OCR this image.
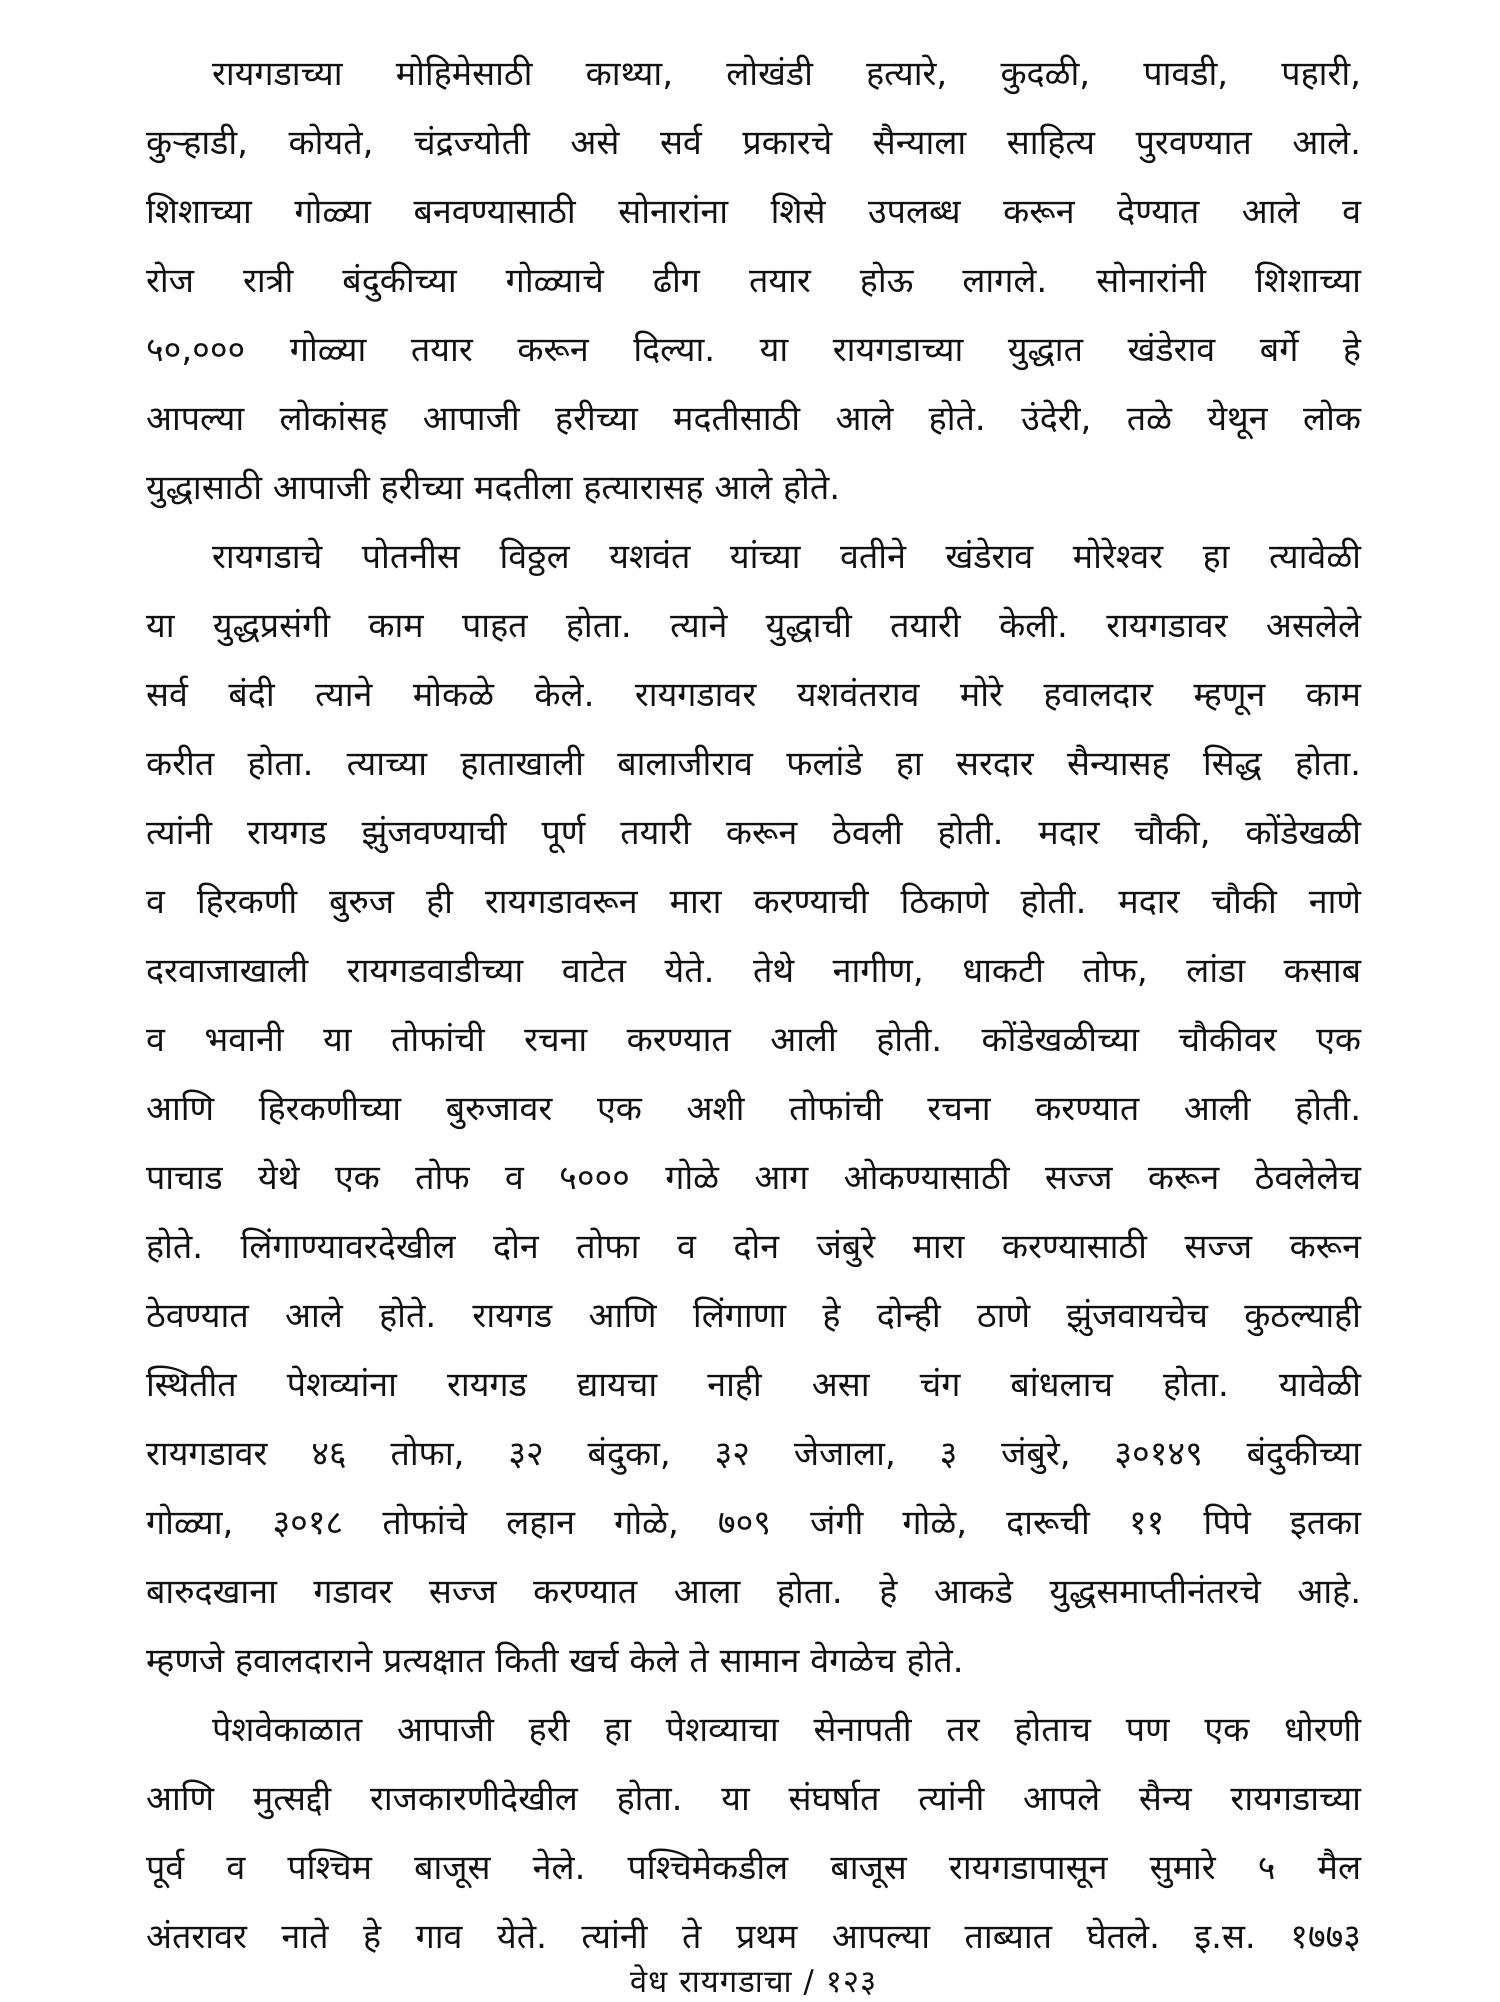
रायगडाच्या मोहिमेसाठी काथ्या, लोखंडी हत्यारे, कुदळी, पावडी, पहारी,
कुऱ्हाडी, कोयते, चंद्रज्योती असे सर्व प्रकारचे सैन्याला साहित्य पुरवण्यात आले.
शिशाच्या गोळ्या बनवण्यासाठी सोनारांना शिसे उपलब्ध करून देण्यात आले व
रोज रात्री बंदुकीच्या गोळ्याचे ढीग तयार होऊ लागले. सोनारांनी शिशाच्या
५०,००० गोळ्या तयार करून दिल्या. या रायगडाच्या युद्धात खंडेराव बर्गे हे
आपल्या लोकांसह आपाजी हरीच्या मदतीसाठी आले होते. उंदेरी, तळे येथून लोक
युद्धासाठी आपाजी हरीच्या मदतीला हत्यारासह आले होते.

रायगडाचे पोतनीस विठ्ठल यशवंत यांच्या वतीने खंडेराव मोरेश्वर हा त्यावेळी
या युद्धप्रसंगी काम पाहत होता. त्याने युद्धाची तयारी केली. रायगडावर असलेले
सर्व बंदी त्याने मोकळे केले. रायगडावर यशवंतराव मोरे हवालदार म्हणून काम
करीत होता. त्याच्या हाताखाली बालाजीराव फलांडे हा सरदार सैन्यासह सिद्ध होता.
त्यांनी रायगड झुंजवण्याची पूर्ण तयारी करून ठेवली होती. मदार चौकी, कोंडेखळी
व हिरकणी बुरुज ही रायगडावरून मारा करण्याची ठिकाणे होती. मदार चौकी नाणे
दरवाजाखाली रायगडवाडीच्या वाटेत येते. तेथे नागीण, धाकटी तोफ, लांडा कसाब
व भवानी या तोफांची रचना करण्यात आली होती. कोंडेखळीच्या चौकीवर एक
आणि हिरकणीच्या बुरुजावर एक अशी तोफांची रचना करण्यात आली होती.
पाचाड येथे एक तोफ व ५००० गोळे आग ओकण्यासाठी सज्ज करून ठेवलेलेच
होते. लिंगाण्यावरदेखील दोन तोफा व दोन जंबुरे मारा करण्यासाठी सज्ज करून
ठेवण्यात आले होते. रायगड आणि लिंगाणा हे दोन्ही ठाणे झुंजवायचेच कुठल्याही
स्थितीत पेशव्यांना रायगड द्यायचा नाही असा चंग बांधलाच होता. यावेळी
रायगडावर ४६ तोफा, ३२ बंदुका, ३२ जेजाला, ३ जंबुरे, ३०१४९ बंदुकीच्या
गोळ्या, ३०१८ तोफांचे लहान गोळे, ७०९ जंगी गोळे, दारूची ११ पिपे इतका
बारुदखाना गडावर सज्ज करण्यात आला होता. हे आकडे युद्धसमाप्तीनंतरचे आहे.
म्हणजे हवालदाराने प्रत्यक्षात किती खर्च केले ते सामान वेगळेच होते.

पेशवेकाळात आपाजी हरी हा पेशव्याचा सेनापती तर होताच पण एक धोरणी
आणि मुत्सद्दी राजकारणीदेखील होता. या संघर्षात त्यांनी आपले सैन्य रायगडाच्या
पूर्व व पश्चिम बाजूस नेले. पश्चिमेकडील बाजूस रायगडापासून सुमारे ५ मैल
अंतरावर नाते हे गाव येते. त्यांनी ते प्रथम आपल्या ताब्यात घेतले. इ.स. १७७३

वेध रायगडाचा / १२३
